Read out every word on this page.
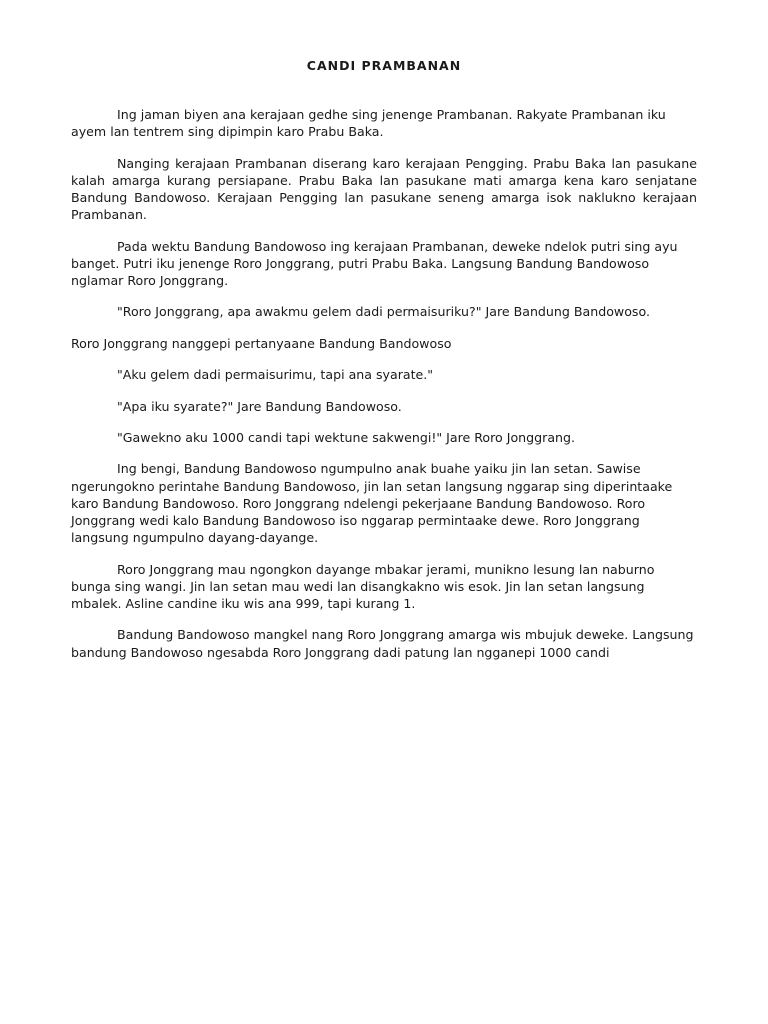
CANDI PRAMBANAN

Ing jaman biyen ana kerajaan gedhe sing jenenge Prambanan. Rakyate Prambanan iku ayem lan tentrem sing dipimpin karo Prabu Baka.

Nanging kerajaan Prambanan diserang karo kerajaan Pengging. Prabu Baka lan pasukane kalah amarga kurang persiapane. Prabu Baka lan pasukane mati amarga kena karo senjatane Bandung Bandowoso. Kerajaan Pengging lan pasukane seneng amarga isok naklukno kerajaan Prambanan.

Pada wektu Bandung Bandowoso ing kerajaan Prambanan, deweke ndelok putri sing ayu banget. Putri iku jenenge Roro Jonggrang, putri Prabu Baka. Langsung Bandung Bandowoso nglamar Roro Jonggrang.

"Roro Jonggrang, apa awakmu gelem dadi permaisuriku?" Jare Bandung Bandowoso.

Roro Jonggrang nanggepi pertanyaane Bandung Bandowoso

"Aku gelem dadi permaisurimu, tapi ana syarate."

"Apa iku syarate?" Jare Bandung Bandowoso.

"Gawekno aku 1000 candi tapi wektune sakwengi!" Jare Roro Jonggrang.

Ing bengi, Bandung Bandowoso ngumpulno anak buahe yaiku jin lan setan. Sawise ngerungokno perintahe Bandung Bandowoso, jin lan setan langsung nggarap sing diperintaake karo Bandung Bandowoso. Roro Jonggrang ndelengi pekerjaane Bandung Bandowoso. Roro Jonggrang wedi kalo Bandung Bandowoso iso nggarap permintaake dewe. Roro Jonggrang langsung ngumpulno dayang-dayange.

Roro Jonggrang mau ngongkon dayange mbakar jerami, munikno lesung lan naburno bunga sing wangi. Jin lan setan mau wedi lan disangkakno wis esok. Jin lan setan langsung mbalek. Asline candine iku wis ana 999, tapi kurang 1.

Bandung Bandowoso mangkel nang Roro Jonggrang amarga wis mbujuk deweke. Langsung bandung Bandowoso ngesabda Roro Jonggrang dadi patung lan ngganepi 1000 candi
